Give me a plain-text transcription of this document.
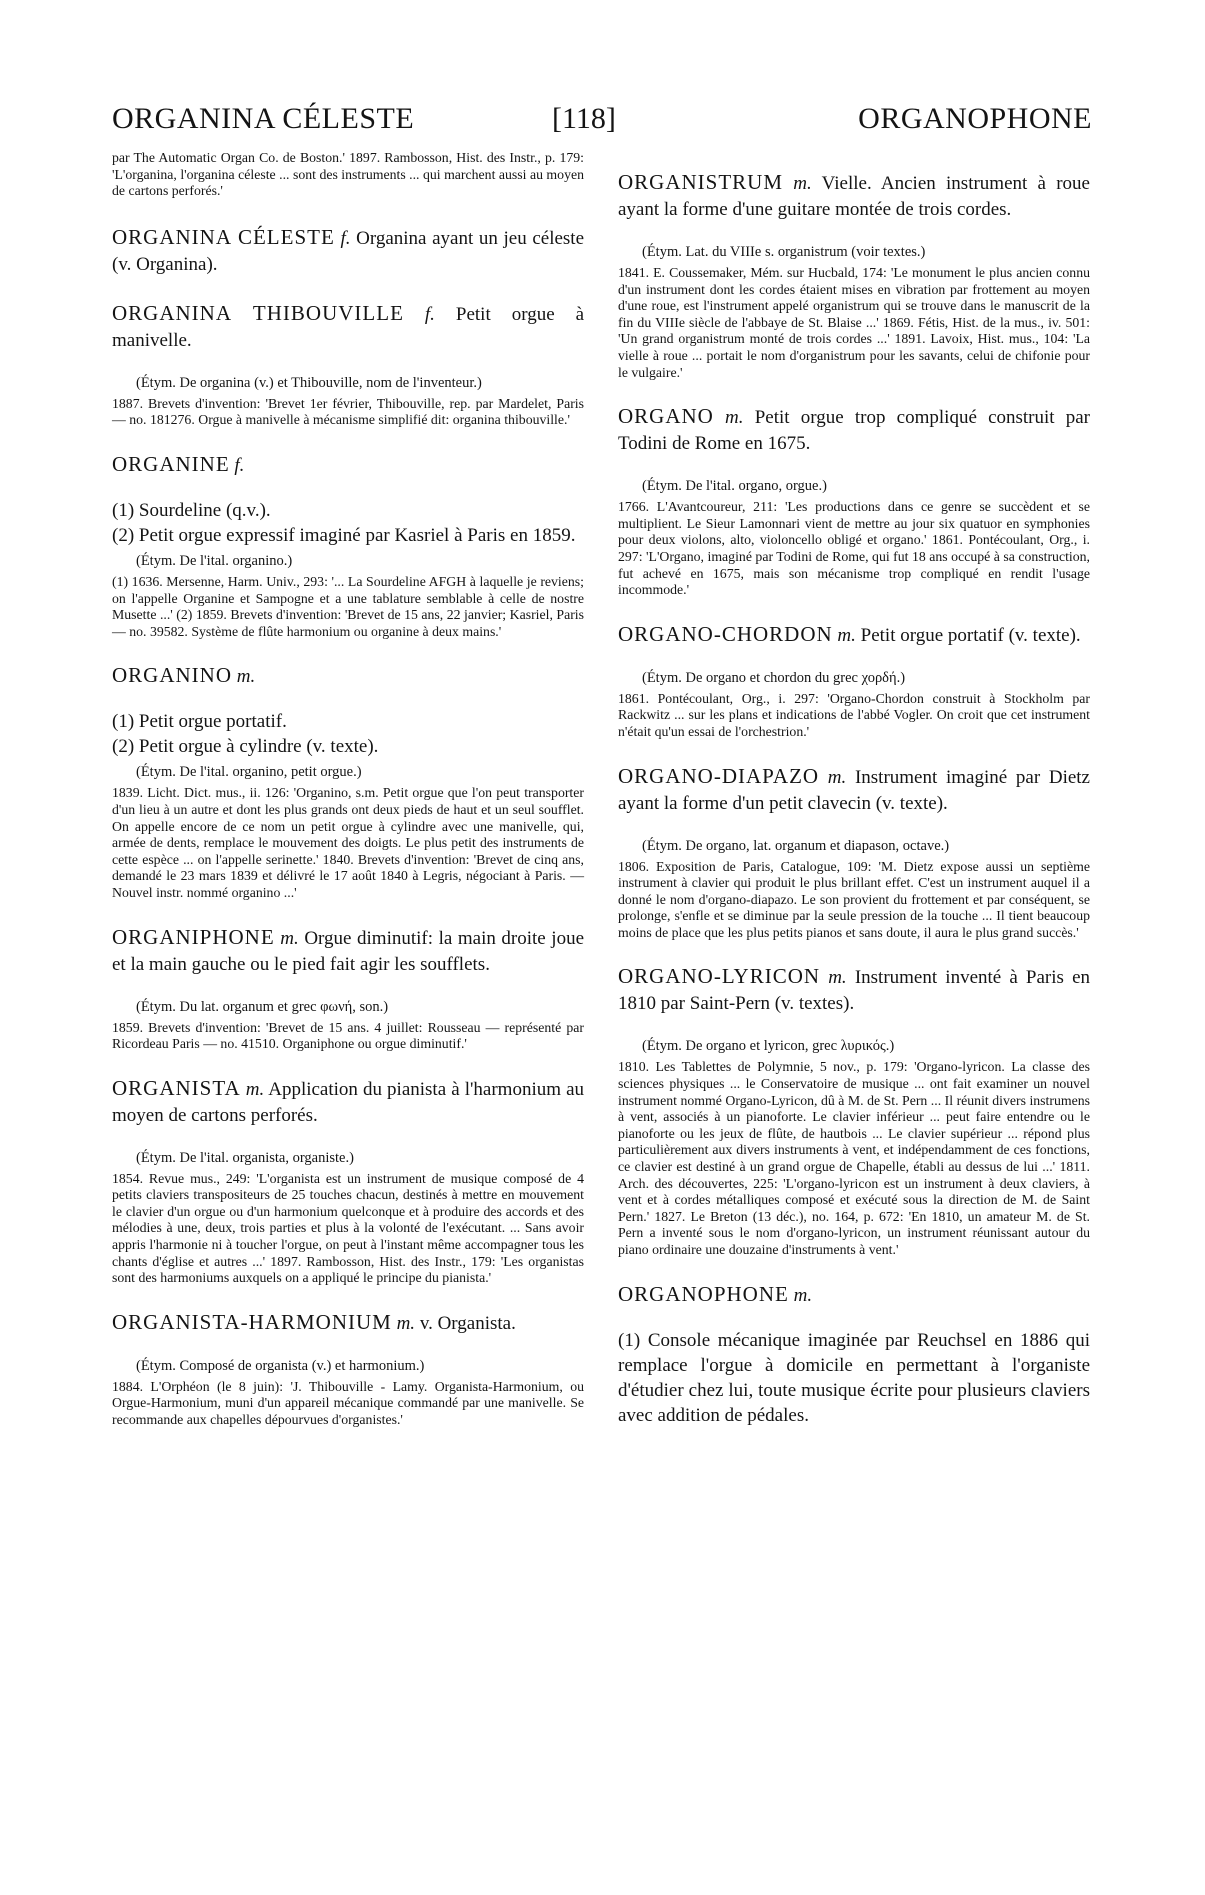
ORGANINA CÉLESTE	[118]	ORGANOPHONE

par The Automatic Organ Co. de Boston.' 1897. Rambosson, Hist. des Instr., p. 179: 'L'organina, l'organina céleste ... sont des instruments ... qui marchent aussi au moyen de cartons perforés.'

ORGANINA CÉLESTE f. Organina ayant un jeu céleste (v. Organina).

ORGANINA THIBOUVILLE f. Petit orgue à manivelle.

(Étym. De organina (v.) et Thibouville, nom de l'inventeur.)

1887. Brevets d'invention: 'Brevet 1er février, Thibouville, rep. par Mardelet, Paris — no. 181276. Orgue à manivelle à mécanisme simplifié dit: organina thibouville.'

ORGANINE f.

(1) Sourdeline (q.v.).

(2) Petit orgue expressif imaginé par Kasriel à Paris en 1859.

(Étym. De l'ital. organino.)

(1) 1636. Mersenne, Harm. Univ., 293: '... La Sourdeline AFGH à laquelle je reviens; on l'appelle Organine et Sampogne et a une tablature semblable à celle de nostre Musette ...' (2) 1859. Brevets d'invention: 'Brevet de 15 ans, 22 janvier; Kasriel, Paris — no. 39582. Système de flûte harmonium ou organine à deux mains.'

ORGANINO m.

(1) Petit orgue portatif.

(2) Petit orgue à cylindre (v. texte).

(Étym. De l'ital. organino, petit orgue.)

1839. Licht. Dict. mus., ii. 126: 'Organino, s.m. Petit orgue que l'on peut transporter d'un lieu à un autre et dont les plus grands ont deux pieds de haut et un seul soufflet. On appelle encore de ce nom un petit orgue à cylindre avec une manivelle, qui, armée de dents, remplace le mouvement des doigts. Le plus petit des instruments de cette espèce ... on l'appelle serinette.' 1840. Brevets d'invention: 'Brevet de cinq ans, demandé le 23 mars 1839 et délivré le 17 août 1840 à Legris, négociant à Paris. — Nouvel instr. nommé organino ...'

ORGANIPHONE m. Orgue diminutif: la main droite joue et la main gauche ou le pied fait agir les soufflets.

(Étym. Du lat. organum et grec φωνή, son.)

1859. Brevets d'invention: 'Brevet de 15 ans. 4 juillet: Rousseau — représenté par Ricordeau Paris — no. 41510. Organiphone ou orgue diminutif.'

ORGANISTA m. Application du pianista à l'harmonium au moyen de cartons perforés.

(Étym. De l'ital. organista, organiste.)

1854. Revue mus., 249: 'L'organista est un instrument de musique composé de 4 petits claviers transpositeurs de 25 touches chacun, destinés à mettre en mouvement le clavier d'un orgue ou d'un harmonium quelconque et à produire des accords et des mélodies à une, deux, trois parties et plus à la volonté de l'exécutant. ... Sans avoir appris l'harmonie ni à toucher l'orgue, on peut à l'instant même accompagner tous les chants d'église et autres ...' 1897. Rambosson, Hist. des Instr., 179: 'Les organistas sont des harmoniums auxquels on a appliqué le principe du pianista.'

ORGANISTA-HARMONIUM m. v. Organista.

(Étym. Composé de organista (v.) et harmonium.)

1884. L'Orphéon (le 8 juin): 'J. Thibouville - Lamy. Organista-Harmonium, ou Orgue-Harmonium, muni d'un appareil mécanique commandé par une manivelle. Se recommande aux chapelles dépourvues d'organistes.'

ORGANISTRUM m. Vielle. Ancien instrument à roue ayant la forme d'une guitare montée de trois cordes.

(Étym. Lat. du VIIIe s. organistrum (voir textes.)

1841. E. Coussemaker, Mém. sur Hucbald, 174: 'Le monument le plus ancien connu d'un instrument dont les cordes étaient mises en vibration par frottement au moyen d'une roue, est l'instrument appelé organistrum qui se trouve dans le manuscrit de la fin du VIIIe siècle de l'abbaye de St. Blaise ...' 1869. Fétis, Hist. de la mus., iv. 501: 'Un grand organistrum monté de trois cordes ...' 1891. Lavoix, Hist. mus., 104: 'La vielle à roue ... portait le nom d'organistrum pour les savants, celui de chifonie pour le vulgaire.'

ORGANO m. Petit orgue trop compliqué construit par Todini de Rome en 1675.

(Étym. De l'ital. organo, orgue.)

1766. L'Avantcoureur, 211: 'Les productions dans ce genre se succèdent et se multiplient. Le Sieur Lamonnari vient de mettre au jour six quatuor en symphonies pour deux violons, alto, violoncello obligé et organo.' 1861. Pontécoulant, Org., i. 297: 'L'Organo, imaginé par Todini de Rome, qui fut 18 ans occupé à sa construction, fut achevé en 1675, mais son mécanisme trop compliqué en rendit l'usage incommode.'

ORGANO-CHORDON m. Petit orgue portatif (v. texte).

(Étym. De organo et chordon du grec χορδή.)

1861. Pontécoulant, Org., i. 297: 'Organo-Chordon construit à Stockholm par Rackwitz ... sur les plans et indications de l'abbé Vogler. On croit que cet instrument n'était qu'un essai de l'orchestrion.'

ORGANO-DIAPAZO m. Instrument imaginé par Dietz ayant la forme d'un petit clavecin (v. texte).

(Étym. De organo, lat. organum et diapason, octave.)

1806. Exposition de Paris, Catalogue, 109: 'M. Dietz expose aussi un septième instrument à clavier qui produit le plus brillant effet. C'est un instrument auquel il a donné le nom d'organo-diapazo. Le son provient du frottement et par conséquent, se prolonge, s'enfle et se diminue par la seule pression de la touche ... Il tient beaucoup moins de place que les plus petits pianos et sans doute, il aura le plus grand succès.'

ORGANO-LYRICON m. Instrument inventé à Paris en 1810 par Saint-Pern (v. textes).

(Étym. De organo et lyricon, grec λυρικός.)

1810. Les Tablettes de Polymnie, 5 nov., p. 179: 'Organo-lyricon. La classe des sciences physiques ... le Conservatoire de musique ... ont fait examiner un nouvel instrument nommé Organo-Lyricon, dû à M. de St. Pern ... Il réunit divers instrumens à vent, associés à un pianoforte. Le clavier inférieur ... peut faire entendre ou le pianoforte ou les jeux de flûte, de hautbois ... Le clavier supérieur ... répond plus particulièrement aux divers instruments à vent, et indépendamment de ces fonctions, ce clavier est destiné à un grand orgue de Chapelle, établi au dessus de lui ...' 1811. Arch. des découvertes, 225: 'L'organo-lyricon est un instrument à deux claviers, à vent et à cordes métalliques composé et exécuté sous la direction de M. de Saint Pern.' 1827. Le Breton (13 déc.), no. 164, p. 672: 'En 1810, un amateur M. de St. Pern a inventé sous le nom d'organo-lyricon, un instrument réunissant autour du piano ordinaire une douzaine d'instruments à vent.'

ORGANOPHONE m.

(1) Console mécanique imaginée par Reuchsel en 1886 qui remplace l'orgue à domicile en permettant à l'organiste d'étudier chez lui, toute musique écrite pour plusieurs claviers avec addition de pédales.
